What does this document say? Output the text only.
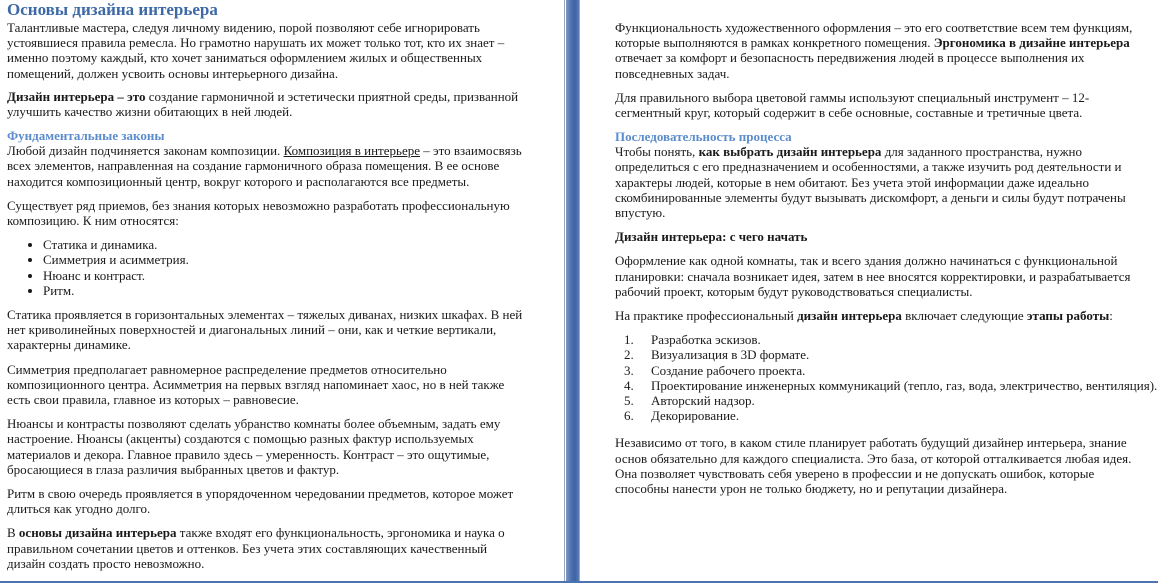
Основы дизайна интерьера

Талантливые мастера, следуя личному видению, порой позволяют себе игнорировать устоявшиеся правила ремесла. Но грамотно нарушать их может только тот, кто их знает – именно поэтому каждый, кто хочет заниматься оформлением жилых и общественных помещений, должен усвоить основы интерьерного дизайна.

Дизайн интерьера – это создание гармоничной и эстетически приятной среды, призванной улучшить качество жизни обитающих в ней людей.

Фундаментальные законы

Любой дизайн подчиняется законам композиции. Композиция в интерьере – это взаимосвязь всех элементов, направленная на создание гармоничного образа помещения. В ее основе находится композиционный центр, вокруг которого и располагаются все предметы.

Существует ряд приемов, без знания которых невозможно разработать профессиональную композицию. К ним относятся:

• Статика и динамика.
• Симметрия и асимметрия.
• Нюанс и контраст.
• Ритм.

Статика проявляется в горизонтальных элементах – тяжелых диванах, низких шкафах. В ней нет криволинейных поверхностей и диагональных линий – они, как и четкие вертикали, характерны динамике.

Симметрия предполагает равномерное распределение предметов относительно композиционного центра. Асимметрия на первых взгляд напоминает хаос, но в ней также есть свои правила, главное из которых – равновесие.

Нюансы и контрасты позволяют сделать убранство комнаты более объемным, задать ему настроение. Нюансы (акценты) создаются с помощью разных фактур используемых материалов и декора. Главное правило здесь – умеренность. Контраст – это ощутимые, бросающиеся в глаза различия выбранных цветов и фактур.

Ритм в свою очередь проявляется в упорядоченном чередовании предметов, которое может длиться как угодно долго.

В основы дизайна интерьера также входят его функциональность, эргономика и наука о правильном сочетании цветов и оттенков. Без учета этих составляющих качественный дизайн создать просто невозможно.

Функциональность художественного оформления – это его соответствие всем тем функциям, которые выполняются в рамках конкретного помещения. Эргономика в дизайне интерьера отвечает за комфорт и безопасность передвижения людей в процессе выполнения их повседневных задач.

Для правильного выбора цветовой гаммы используют специальный инструмент – 12-сегментный круг, который содержит в себе основные, составные и третичные цвета.

Последовательность процесса

Чтобы понять, как выбрать дизайн интерьера для заданного пространства, нужно определиться с его предназначением и особенностями, а также изучить род деятельности и характеры людей, которые в нем обитают. Без учета этой информации даже идеально скомбинированные элементы будут вызывать дискомфорт, а деньги и силы будут потрачены впустую.

Дизайн интерьера: с чего начать

Оформление как одной комнаты, так и всего здания должно начинаться с функциональной планировки: сначала возникает идея, затем в нее вносятся корректировки, и разрабатывается рабочий проект, которым будут руководствоваться специалисты.

На практике профессиональный дизайн интерьера включает следующие этапы работы:

1. Разработка эскизов.
2. Визуализация в 3D формате.
3. Создание рабочего проекта.
4. Проектирование инженерных коммуникаций (тепло, газ, вода, электричество, вентиляция).
5. Авторский надзор.
6. Декорирование.

Независимо от того, в каком стиле планирует работать будущий дизайнер интерьера, знание основ обязательно для каждого специалиста. Это база, от которой отталкивается любая идея. Она позволяет чувствовать себя уверено в профессии и не допускать ошибок, которые способны нанести урон не только бюджету, но и репутации дизайнера.
